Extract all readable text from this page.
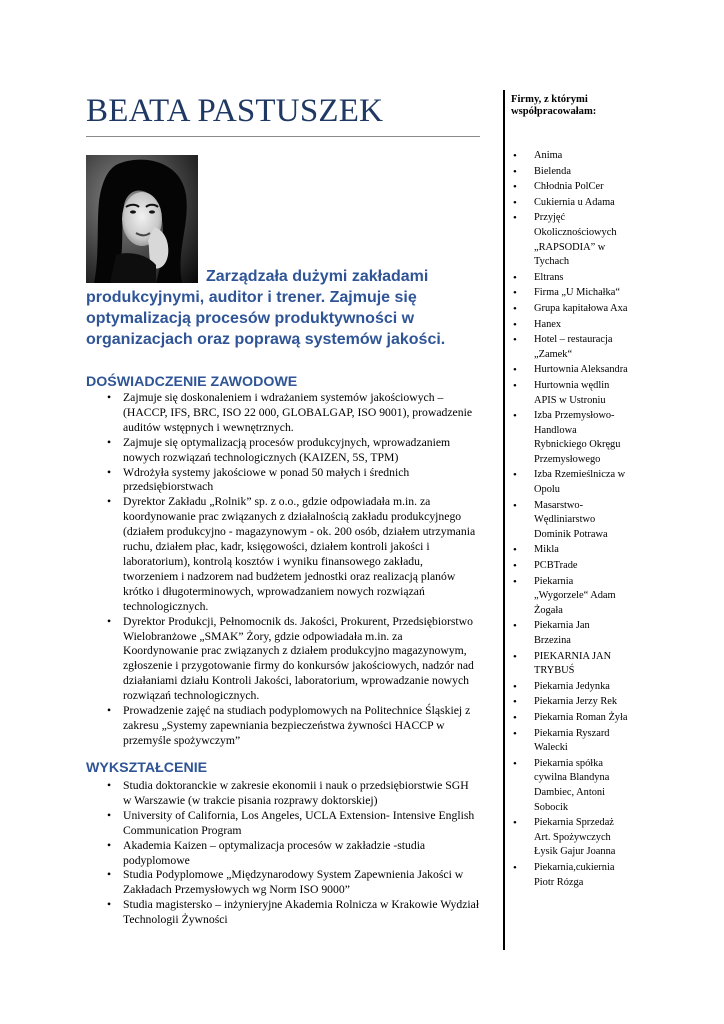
BEATA PASTUSZEK
Zarządzała dużymi zakładami produkcyjnymi, auditor i trener. Zajmuje się optymalizacją procesów produktywności w organizacjach oraz poprawą systemów jakości.
DOŚWIADCZENIE ZAWODOWE
• Zajmuje się doskonaleniem i wdrażaniem systemów jakościowych – (HACCP, IFS, BRC, ISO 22 000, GLOBALGAP, ISO 9001), prowadzenie auditów wstępnych i wewnętrznych.
• Zajmuje się optymalizacją procesów produkcyjnych, wprowadzaniem nowych rozwiązań technologicznych (KAIZEN, 5S, TPM)
• Wdrożyła systemy jakościowe w ponad 50 małych i średnich przedsiębiorstwach
• Dyrektor Zakładu „Rolnik” sp. z o.o., gdzie odpowiadała m.in. za koordynowanie prac związanych z działalnością zakładu produkcyjnego (działem produkcyjno - magazynowym - ok. 200 osób, działem utrzymania ruchu, działem płac, kadr, księgowości, działem kontroli jakości i laboratorium), kontrolą kosztów i wyniku finansowego zakładu, tworzeniem i nadzorem nad budżetem jednostki oraz realizacją planów krótko i długoterminowych, wprowadzaniem nowych rozwiązań technologicznych.
• Dyrektor Produkcji, Pełnomocnik ds. Jakości, Prokurent, Przedsiębiorstwo Wielobranżowe „SMAK” Żory, gdzie odpowiadała m.in. za Koordynowanie prac związanych z działem produkcyjno magazynowym, zgłoszenie i przygotowanie firmy do konkursów jakościowych, nadzór nad działaniami działu Kontroli Jakości, laboratorium, wprowadzanie nowych rozwiązań technologicznych.
• Prowadzenie zajęć na studiach podyplomowych na Politechnice Śląskiej z zakresu „Systemy zapewniania bezpieczeństwa żywności HACCP w przemyśle spożywczym”
WYKSZTAŁCENIE
• Studia doktoranckie w zakresie ekonomii i nauk o przedsiębiorstwie SGH w Warszawie (w trakcie pisania rozprawy doktorskiej)
• University of California, Los Angeles, UCLA Extension- Intensive English Communication Program
• Akademia Kaizen – optymalizacja procesów w zakładzie -studia podyplomowe
• Studia Podyplomowe „Międzynarodowy System Zapewnienia Jakości w Zakładach Przemysłowych wg Norm ISO 9000”
• Studia magistersko – inżynieryjne Akademia Rolnicza w Krakowie Wydział Technologii Żywności

Firmy, z którymi współpracowałam:

• Anima
• Bielenda
• Chłodnia PolCer
• Cukiernia u Adama
• Przyjęć Okolicznościowych „RAPSODIA” w Tychach
• Eltrans
• Firma „U Michałka“
• Grupa kapitałowa Axa
• Hanex
• Hotel – restauracja „Zamek“
• Hurtownia Aleksandra
• Hurtownia wędlin APIS w Ustroniu
• Izba Przemysłowo-Handlowa Rybnickiego Okręgu Przemysłowego
• Izba Rzemieślnicza w Opolu
• Masarstwo-Wędliniarstwo Dominik Potrawa
• Mikla
• PCBTrade
• Piekarnia „Wygorzele“ Adam Żogała
• Piekarnia Jan Brzezina
• PIEKARNIA JAN TRYBUŚ
• Piekarnia Jedynka
• Piekarnia Jerzy Rek
• Piekarnia Roman Żyła
• Piekarnia Ryszard Walecki
• Piekarnia spółka cywilna Blandyna Dambiec, Antoni Sobocik
• Piekarnia Sprzedaż Art. Spożywczych Łysik Gajur Joanna
• Piekarnia,cukiernia Piotr Rózga
